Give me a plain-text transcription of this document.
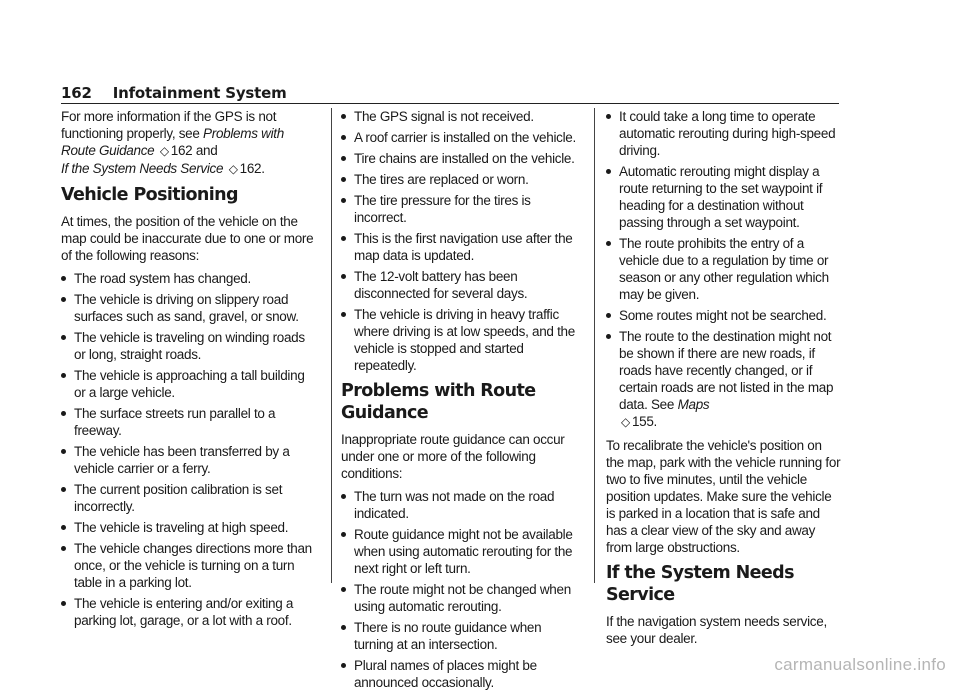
162 Infotainment System

For more information if the GPS is not functioning properly, see Problems with Route Guidance ◇ 162 and
If the System Needs Service ◇ 162.

Vehicle Positioning

At times, the position of the vehicle on the map could be inaccurate due to one or more of the following reasons:

The road system has changed.
The vehicle is driving on slippery road surfaces such as sand, gravel, or snow.
The vehicle is traveling on winding roads or long, straight roads.
The vehicle is approaching a tall building or a large vehicle.
The surface streets run parallel to a freeway.
The vehicle has been transferred by a vehicle carrier or a ferry.
The current position calibration is set incorrectly.
The vehicle is traveling at high speed.
The vehicle changes directions more than once, or the vehicle is turning on a turn table in a parking lot.
The vehicle is entering and/or exiting a parking lot, garage, or a lot with a roof.
The GPS signal is not received.
A roof carrier is installed on the vehicle.
Tire chains are installed on the vehicle.
The tires are replaced or worn.
The tire pressure for the tires is incorrect.
This is the first navigation use after the map data is updated.
The 12-volt battery has been disconnected for several days.
The vehicle is driving in heavy traffic where driving is at low speeds, and the vehicle is stopped and started repeatedly.
Problems with Route Guidance

Inappropriate route guidance can occur under one or more of the following conditions:

The turn was not made on the road indicated.
Route guidance might not be available when using automatic rerouting for the next right or left turn.
The route might not be changed when using automatic rerouting.
There is no route guidance when turning at an intersection.
Plural names of places might be announced occasionally.
It could take a long time to operate automatic rerouting during high-speed driving.
Automatic rerouting might display a route returning to the set waypoint if heading for a destination without passing through a set waypoint.
The route prohibits the entry of a vehicle due to a regulation by time or season or any other regulation which may be given.
Some routes might not be searched.
The route to the destination might not be shown if there are new roads, if roads have recently changed, or if certain roads are not listed in the map data. See Maps
◇ 155.

To recalibrate the vehicle's position on the map, park with the vehicle running for two to five minutes, until the vehicle position updates. Make sure the vehicle is parked in a location that is safe and has a clear view of the sky and away from large obstructions.

If the System Needs Service

If the navigation system needs service, see your dealer.

carmanualsonline.info
